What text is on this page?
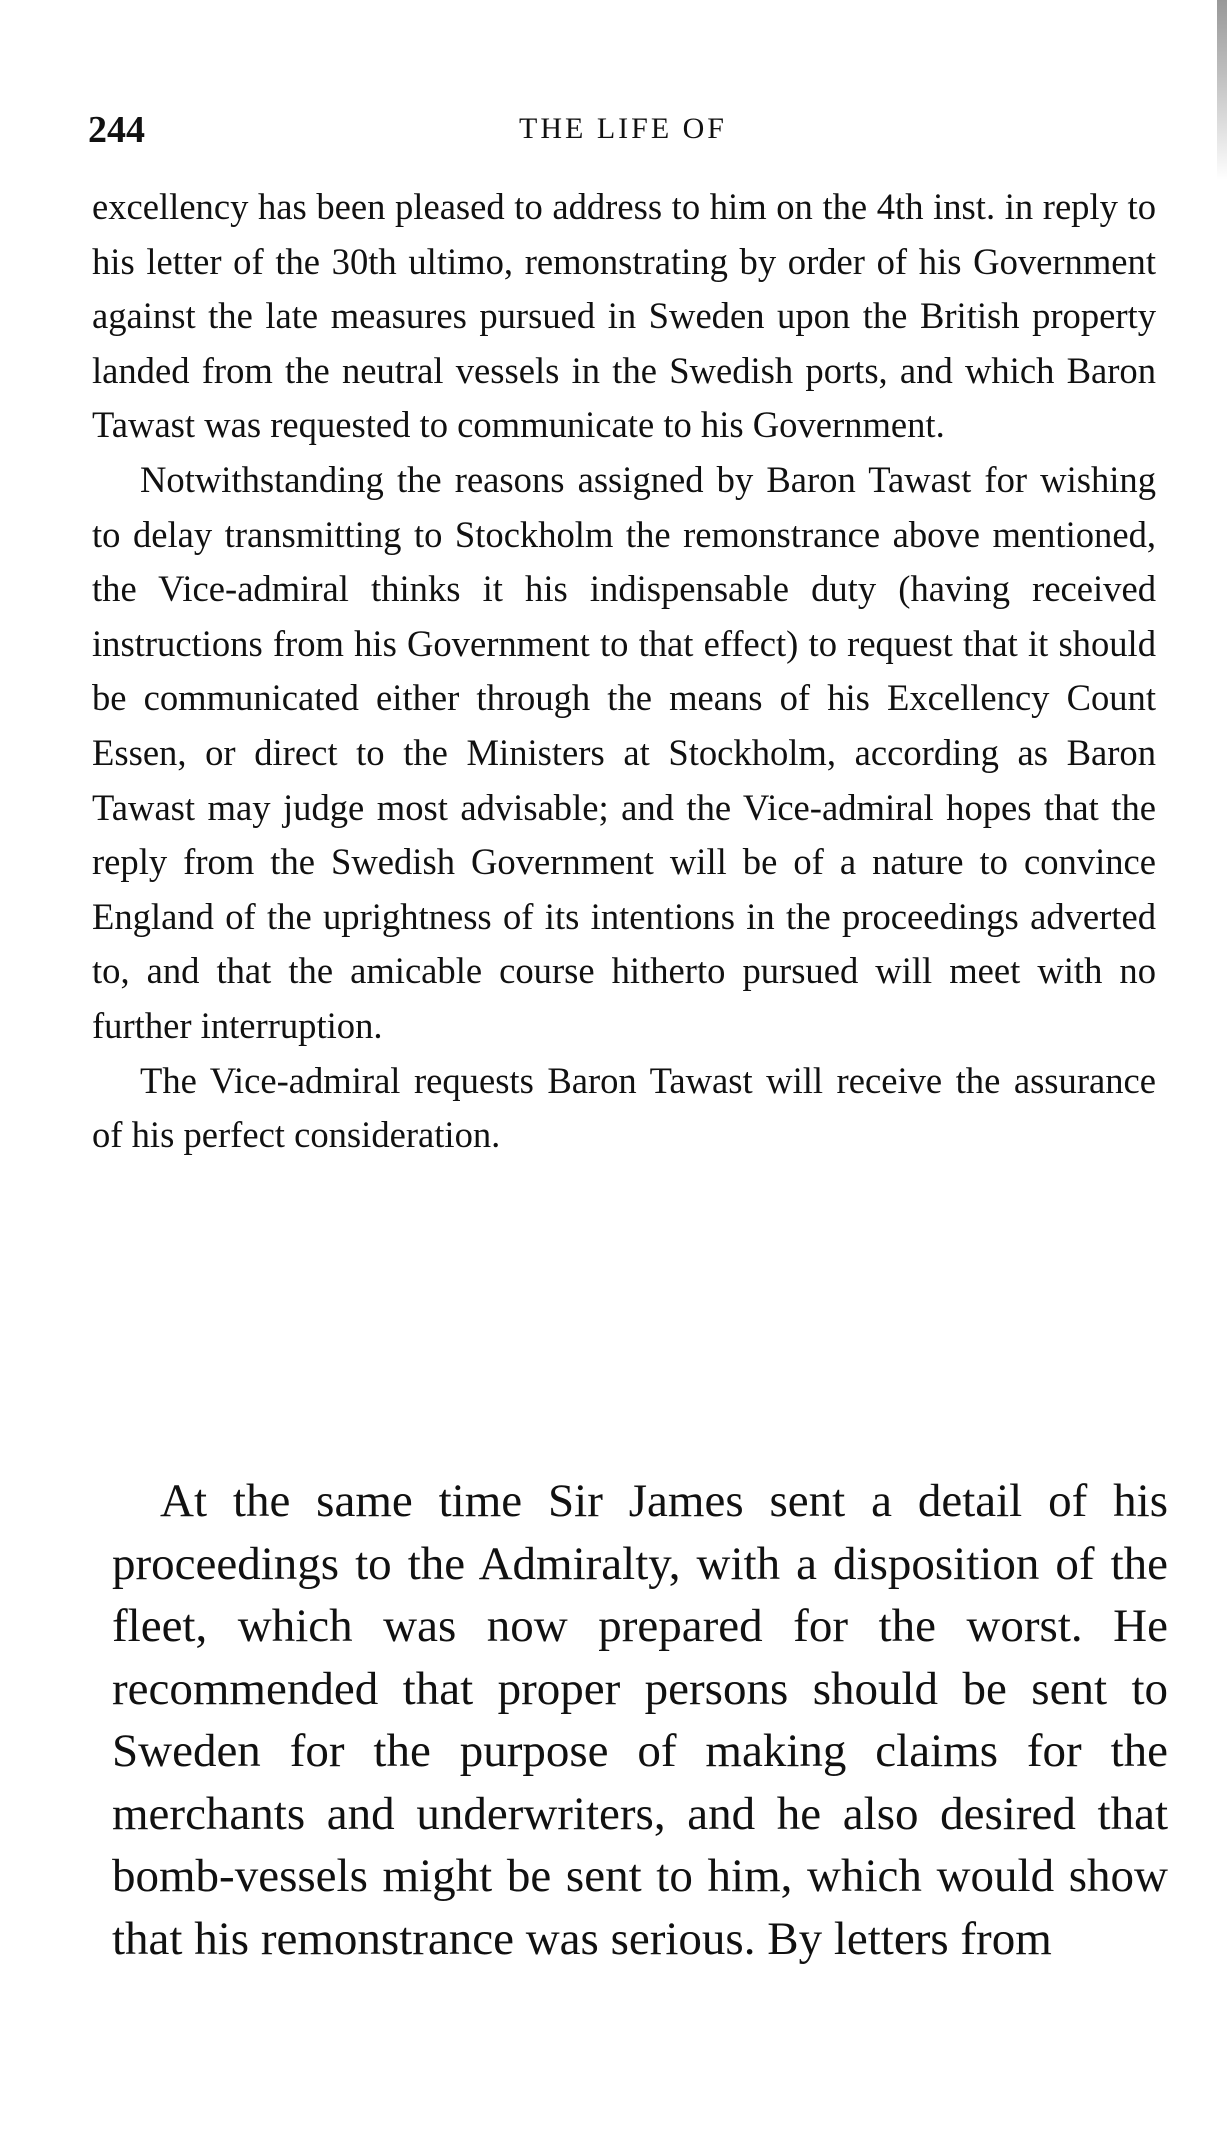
244	THE LIFE OF

excellency has been pleased to address to him on the 4th inst. in reply to his letter of the 30th ultimo, remonstrating by order of his Government against the late measures pursued in Sweden upon the British property landed from the neutral vessels in the Swedish ports, and which Baron Tawast was requested to communicate to his Government.

Notwithstanding the reasons assigned by Baron Tawast for wishing to delay transmitting to Stockholm the remonstrance above mentioned, the Vice-admiral thinks it his indispensable duty (having received instructions from his Government to that effect) to request that it should be communicated either through the means of his Excellency Count Essen, or direct to the Ministers at Stockholm, according as Baron Tawast may judge most advisable; and the Vice-admiral hopes that the reply from the Swedish Government will be of a nature to convince England of the uprightness of its intentions in the proceedings adverted to, and that the amicable course hitherto pursued will meet with no further interruption.

The Vice-admiral requests Baron Tawast will receive the assurance of his perfect consideration.

At the same time Sir James sent a detail of his proceedings to the Admiralty, with a disposition of the fleet, which was now prepared for the worst. He recommended that proper persons should be sent to Sweden for the purpose of making claims for the merchants and underwriters, and he also desired that bomb-vessels might be sent to him, which would show that his remonstrance was serious. By letters from
